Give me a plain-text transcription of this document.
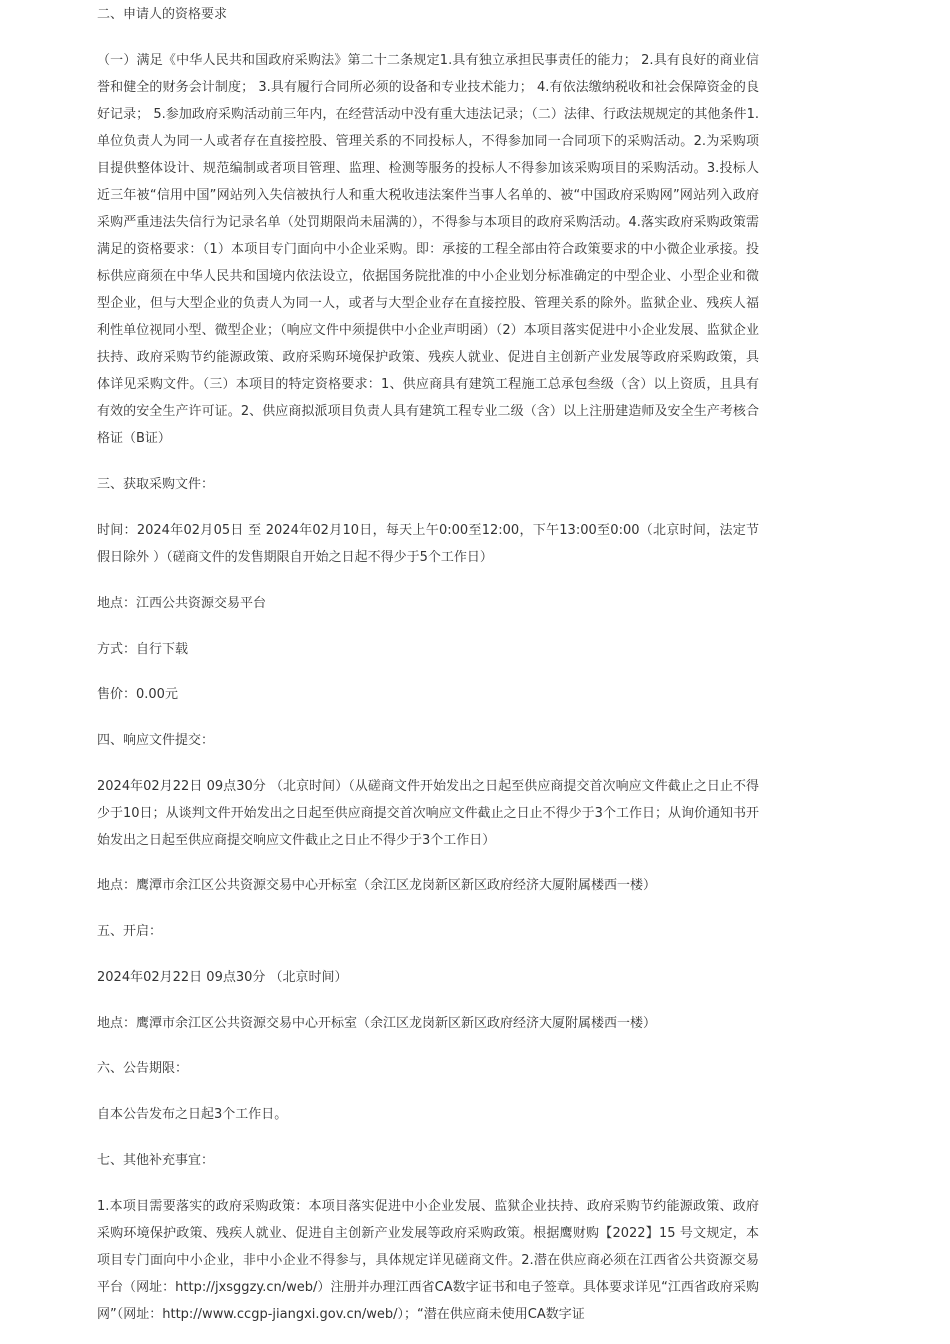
二、申请人的资格要求

（一）满足《中华人民共和国政府采购法》第二十二条规定1.具有独立承担民事责任的能力； 2.具有良好的商业信誉和健全的财务会计制度； 3.具有履行合同所必须的设备和专业技术能力； 4.有依法缴纳税收和社会保障资金的良好记录； 5.参加政府采购活动前三年内，在经营活动中没有重大违法记录；（二）法律、行政法规规定的其他条件1.单位负责人为同一人或者存在直接控股、管理关系的不同投标人，不得参加同一合同项下的采购活动。2.为采购项目提供整体设计、规范编制或者项目管理、监理、检测等服务的投标人不得参加该采购项目的采购活动。3.投标人近三年被“信用中国”网站列入失信被执行人和重大税收违法案件当事人名单的、被“中国政府采购网”网站列入政府采购严重违法失信行为记录名单（处罚期限尚未届满的），不得参与本项目的政府采购活动。4.落实政府采购政策需满足的资格要求：（1）本项目专门面向中小企业采购。即：承接的工程全部由符合政策要求的中小微企业承接。投标供应商须在中华人民共和国境内依法设立，依据国务院批准的中小企业划分标准确定的中型企业、小型企业和微型企业，但与大型企业的负责人为同一人，或者与大型企业存在直接控股、管理关系的除外。监狱企业、残疾人福利性单位视同小型、微型企业；（响应文件中须提供中小企业声明函）（2）本项目落实促进中小企业发展、监狱企业扶持、政府采购节约能源政策、政府采购环境保护政策、残疾人就业、促进自主创新产业发展等政府采购政策，具体详见采购文件。（三）本项目的特定资格要求：1、供应商具有建筑工程施工总承包叁级（含）以上资质，且具有有效的安全生产许可证。2、供应商拟派项目负责人具有建筑工程专业二级（含）以上注册建造师及安全生产考核合格证（B证）

三、获取采购文件：

时间：2024年02月05日 至 2024年02月10日，每天上午0:00至12:00，下午13:00至0:00（北京时间，法定节假日除外 ）（磋商文件的发售期限自开始之日起不得少于5个工作日）

地点：江西公共资源交易平台

方式：自行下载

售价：0.00元

四、响应文件提交：

2024年02月22日 09点30分 （北京时间）（从磋商文件开始发出之日起至供应商提交首次响应文件截止之日止不得少于10日；从谈判文件开始发出之日起至供应商提交首次响应文件截止之日止不得少于3个工作日；从询价通知书开始发出之日起至供应商提交响应文件截止之日止不得少于3个工作日）

地点：鹰潭市余江区公共资源交易中心开标室（余江区龙岗新区新区政府经济大厦附属楼西一楼）

五、开启：

2024年02月22日 09点30分 （北京时间）

地点：鹰潭市余江区公共资源交易中心开标室（余江区龙岗新区新区政府经济大厦附属楼西一楼）

六、公告期限：

自本公告发布之日起3个工作日。

七、其他补充事宜：

1.本项目需要落实的政府采购政策：本项目落实促进中小企业发展、监狱企业扶持、政府采购节约能源政策、政府采购环境保护政策、残疾人就业、促进自主创新产业发展等政府采购政策。根据鹰财购【2022】15 号文规定，本项目专门面向中小企业，非中小企业不得参与，具体规定详见磋商文件。2.潜在供应商必须在江西省公共资源交易平台（网址：http://jxsggzy.cn/web/）注册并办理江西省CA数字证书和电子签章。具体要求详见“江西省政府采购网”（网址：http://www.ccgp-jiangxi.gov.cn/web/）；“潜在供应商未使用CA数字证
